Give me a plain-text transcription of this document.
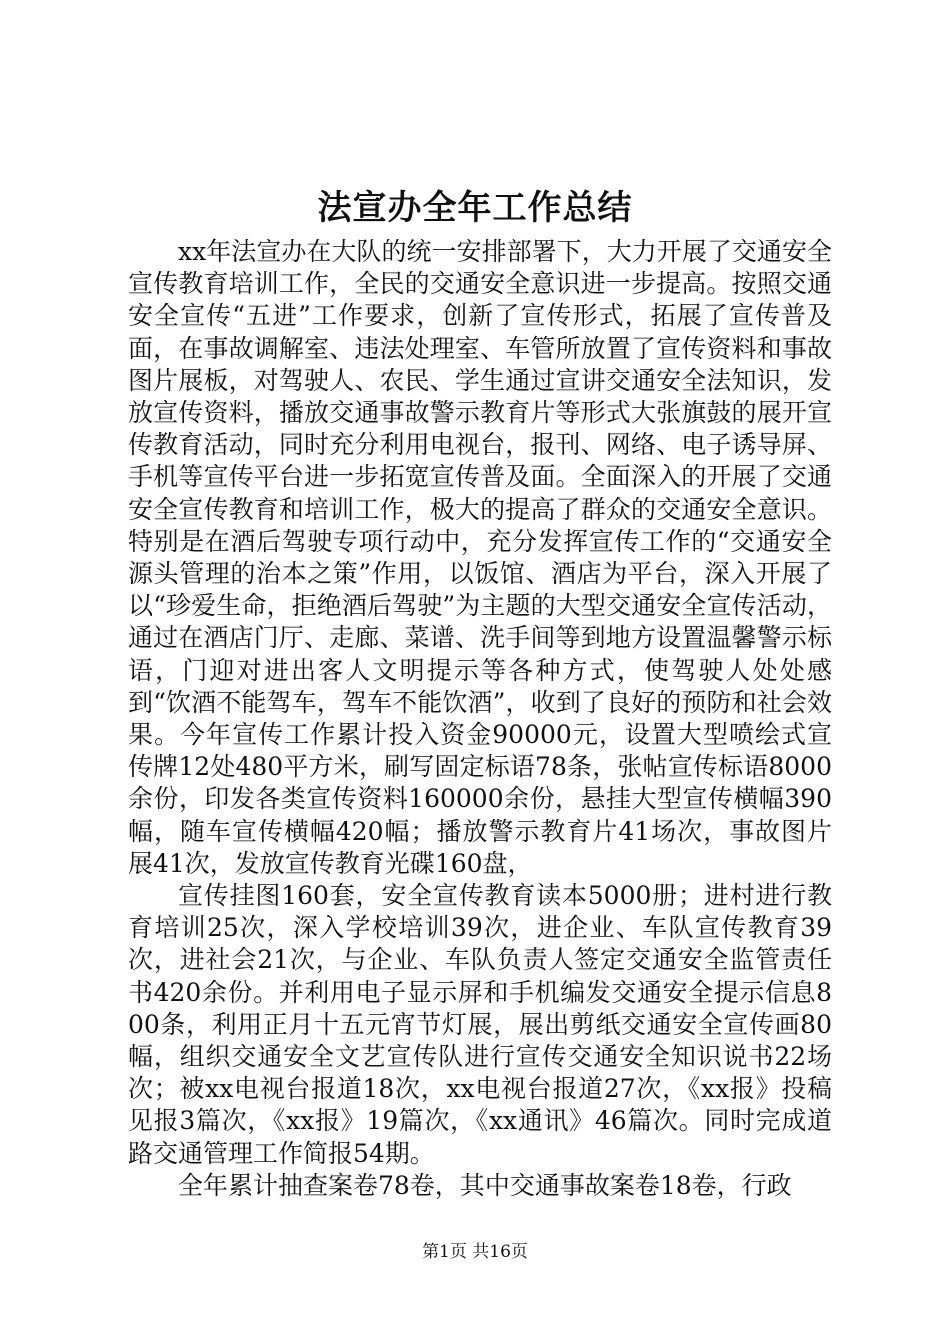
法宣办全年工作总结

xx年法宣办在大队的统一安排部署下，大力开展了交通安全宣传教育培训工作，全民的交通安全意识进一步提高。按照交通安全宣传“五进”工作要求，创新了宣传形式，拓展了宣传普及面，在事故调解室、违法处理室、车管所放置了宣传资料和事故图片展板，对驾驶人、农民、学生通过宣讲交通安全法知识，发放宣传资料，播放交通事故警示教育片等形式大张旗鼓的展开宣传教育活动，同时充分利用电视台，报刊、网络、电子诱导屏、手机等宣传平台进一步拓宽宣传普及面。全面深入的开展了交通安全宣传教育和培训工作，极大的提高了群众的交通安全意识。特别是在酒后驾驶专项行动中，充分发挥宣传工作的“交通安全源头管理的治本之策”作用，以饭馆、酒店为平台，深入开展了以“珍爱生命，拒绝酒后驾驶”为主题的大型交通安全宣传活动，通过在酒店门厅、走廊、菜谱、洗手间等到地方设置温馨警示标语，门迎对进出客人文明提示等各种方式，使驾驶人处处感到“饮酒不能驾车，驾车不能饮酒”，收到了良好的预防和社会效果。今年宣传工作累计投入资金90000元，设置大型喷绘式宣传牌12处480平方米，刷写固定标语78条，张帖宣传标语8000余份，印发各类宣传资料160000余份，悬挂大型宣传横幅390幅，随车宣传横幅420幅；播放警示教育片41场次，事故图片展41次，发放宣传教育光碟160盘，

宣传挂图160套，安全宣传教育读本5000册；进村进行教育培训25次，深入学校培训39次，进企业、车队宣传教育39次，进社会21次，与企业、车队负责人签定交通安全监管责任书420余份。并利用电子显示屏和手机编发交通安全提示信息800条，利用正月十五元宵节灯展，展出剪纸交通安全宣传画80幅，组织交通安全文艺宣传队进行宣传交通安全知识说书22场次；被xx电视台报道18次，xx电视台报道27次，《xx报》投稿见报3篇次，《xx报》19篇次，《xx通讯》46篇次。同时完成道路交通管理工作简报54期。

全年累计抽查案卷78卷，其中交通事故案卷18卷，行政

第1页 共16页
